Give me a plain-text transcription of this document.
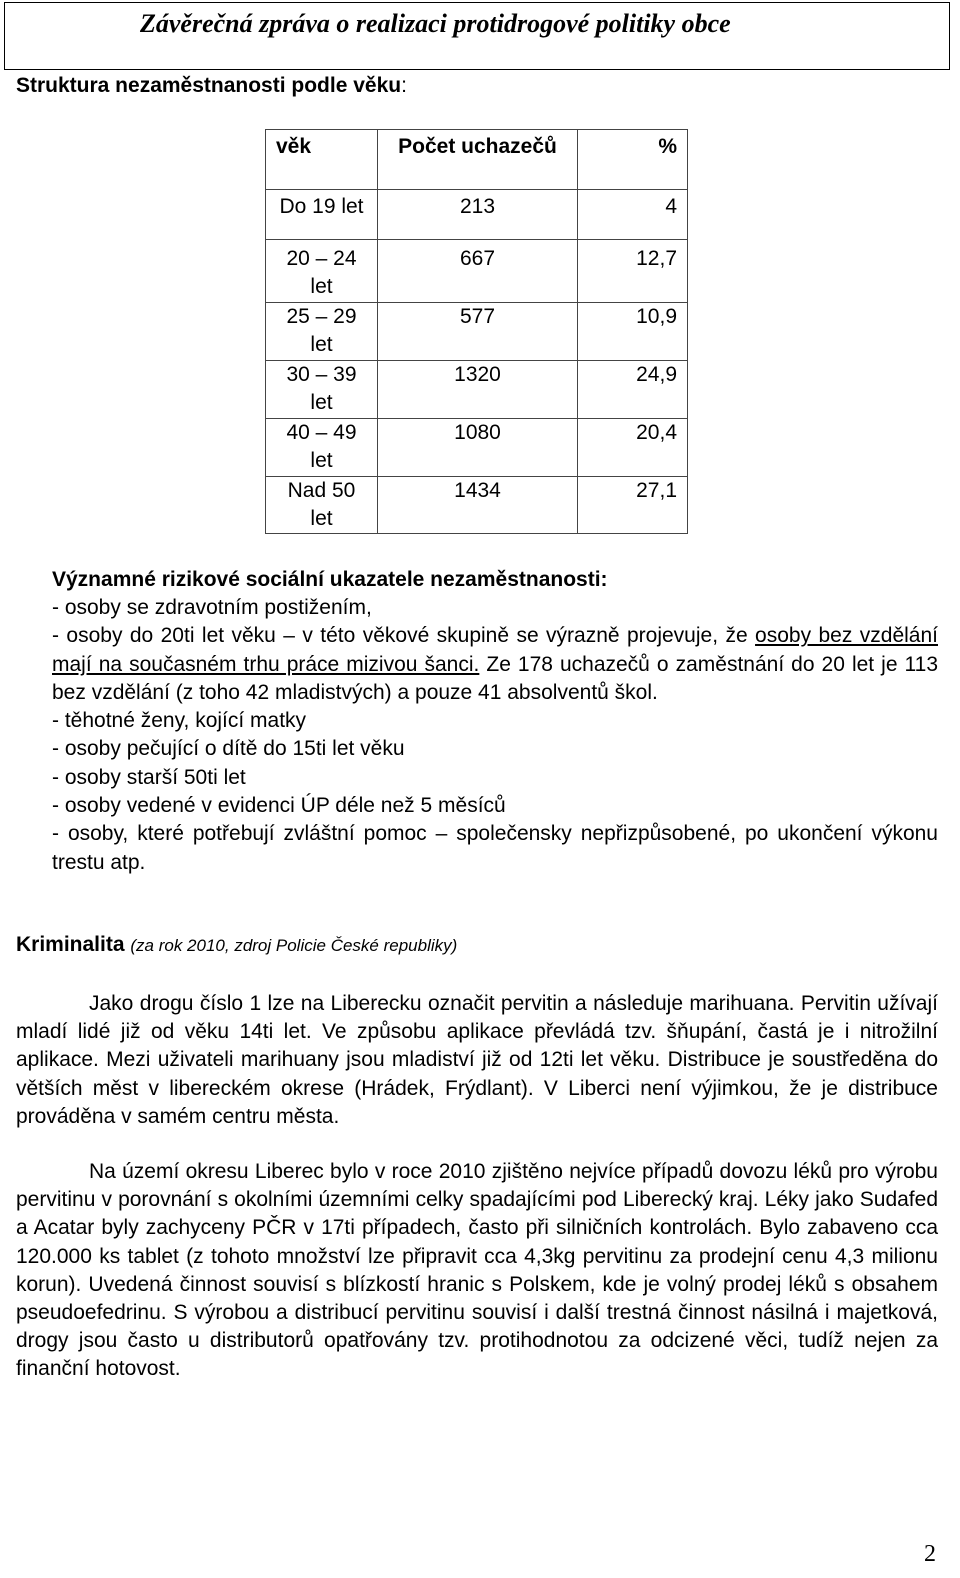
Závěrečná zpráva o realizaci protidrogové politiky obce
Struktura nezaměstnanosti podle věku:
věk	Počet uchazečů	%
Do 19 let	213	4
20 – 24 let	667	12,7
25 – 29 let	577	10,9
30 – 39 let	1320	24,9
40 – 49 let	1080	20,4
Nad 50 let	1434	27,1
Významné rizikové sociální ukazatele nezaměstnanosti:

- osoby se zdravotním postižením,

- osoby do 20ti let věku – v této věkové skupině se výrazně projevuje, že osoby bez vzdělání mají na současném trhu práce mizivou šanci. Ze 178 uchazečů o zaměstnání do 20 let je 113 bez vzdělání (z toho 42 mladistvých) a pouze 41 absolventů škol.

- těhotné ženy, kojící matky

- osoby pečující o dítě do 15ti let věku

- osoby starší 50ti let

- osoby vedené v evidenci ÚP déle než 5 měsíců

- osoby, které potřebují zvláštní pomoc – společensky nepřizpůsobené, po ukončení výkonu trestu atp.

Kriminalita (za rok 2010, zdroj Policie České republiky)

Jako drogu číslo 1 lze na Liberecku označit pervitin a následuje marihuana. Pervitin užívají mladí lidé již od věku 14ti let. Ve způsobu aplikace převládá tzv. šňupání, častá je i nitrožilní aplikace. Mezi uživateli marihuany jsou mladiství již od 12ti let věku. Distribuce je soustředěna do větších měst v libereckém okrese (Hrádek, Frýdlant). V Liberci není výjimkou, že je distribuce prováděna v samém centru města.

Na území okresu Liberec bylo v roce 2010 zjištěno nejvíce případů dovozu léků pro výrobu pervitinu v porovnání s okolními územními celky spadajícími pod Liberecký kraj. Léky jako Sudafed a Acatar byly zachyceny PČR v 17ti případech, často při silničních kontrolách. Bylo zabaveno cca 120.000 ks tablet (z tohoto množství lze připravit cca 4,3kg pervitinu za prodejní cenu 4,3 milionu korun). Uvedená činnost souvisí s blízkostí hranic s Polskem, kde je volný prodej léků s obsahem pseudoefedrinu. S výrobou a distribucí pervitinu souvisí i další trestná činnost násilná i majetková, drogy jsou často u distributorů opatřovány tzv. protihodnotou za odcizené věci, tudíž nejen za finanční hotovost.

2
